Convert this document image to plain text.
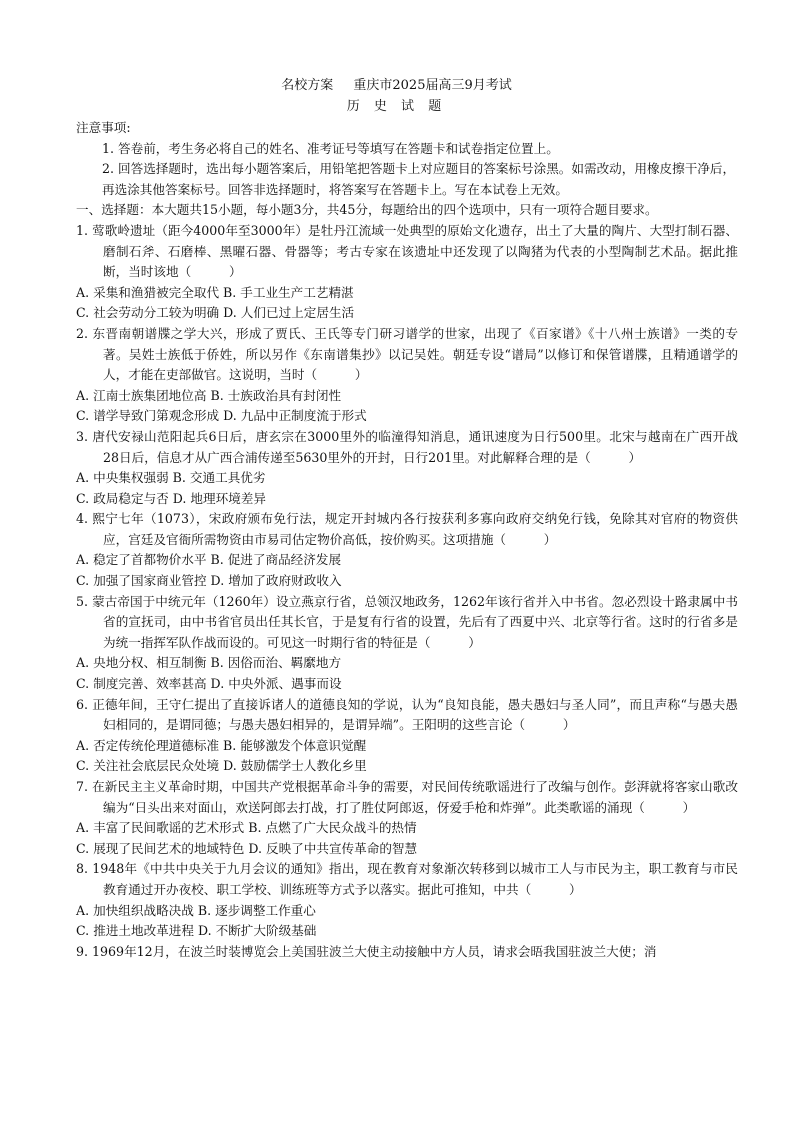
名校方案 重庆市2025届高三9月考试
历 史 试 题

注意事项:

1. 答卷前，考生务必将自己的姓名、准考证号等填写在答题卡和试卷指定位置上。

2. 回答选择题时，选出每小题答案后，用铅笔把答题卡上对应题目的答案标号涂黑。如需改动，用橡皮擦干净后，再选涂其他答案标号。回答非选择题时，将答案写在答题卡上。写在本试卷上无效。

一、选择题：本大题共15小题，每小题3分，共45分，每题给出的四个选项中，只有一项符合题目要求。

1. 莺歌岭遗址（距今4000年至3000年）是牡丹江流域一处典型的原始文化遗存，出土了大量的陶片、大型打制石器、磨制石斧、石磨棒、黑曜石器、骨器等；考古专家在该遗址中还发现了以陶猪为代表的小型陶制艺术品。据此推断，当时该地（　　　）

A. 采集和渔猎被完全取代 B. 手工业生产工艺精湛

C. 社会劳动分工较为明确 D. 人们已过上定居生活

2. 东晋南朝谱牒之学大兴，形成了贾氏、王氏等专门研习谱学的世家，出现了《百家谱》《十八州士族谱》一类的专著。吴姓士族低于侨姓，所以另作《东南谱集抄》以记吴姓。朝廷专设“谱局”以修订和保管谱牒，且精通谱学的人，才能在吏部做官。这说明，当时（　　　）

A. 江南士族集团地位高 B. 士族政治具有封闭性

C. 谱学导致门第观念形成 D. 九品中正制度流于形式

3. 唐代安禄山范阳起兵6日后，唐玄宗在3000里外的临潼得知消息，通讯速度为日行500里。北宋与越南在广西开战28日后，信息才从广西合浦传递至5630里外的开封，日行201里。对此解释合理的是（　　　）

A. 中央集权强弱 B. 交通工具优劣

C. 政局稳定与否 D. 地理环境差异

4. 熙宁七年（1073），宋政府颁布免行法，规定开封城内各行按获利多寡向政府交纳免行钱，免除其对官府的物资供应，宫廷及官衙所需物资由市易司估定物价高低，按价购买。这项措施（　　　）

A. 稳定了首都物价水平 B. 促进了商品经济发展

C. 加强了国家商业管控 D. 增加了政府财政收入

5. 蒙古帝国于中统元年（1260年）设立燕京行省，总领汉地政务，1262年该行省并入中书省。忽必烈设十路隶属中书省的宣抚司，由中书省官员出任其长官，于是复有行省的设置，先后有了西夏中兴、北京等行省。这时的行省多是为统一指挥军队作战而设的。可见这一时期行省的特征是（　　　）

A. 央地分权、相互制衡 B. 因俗而治、羁縻地方

C. 制度完善、效率甚高 D. 中央外派、遇事而设

6. 正德年间，王守仁提出了直接诉诸人的道德良知的学说，认为“良知良能，愚夫愚妇与圣人同”，而且声称“与愚夫愚妇相同的，是谓同德；与愚夫愚妇相异的，是谓异端”。王阳明的这些言论（　　　）

A. 否定传统伦理道德标准 B. 能够激发个体意识觉醒

C. 关注社会底层民众处境 D. 鼓励儒学士人教化乡里

7. 在新民主主义革命时期，中国共产党根据革命斗争的需要，对民间传统歌谣进行了改编与创作。彭湃就将客家山歌改编为“日头出来对面山，欢送阿郎去打战，打了胜仗阿郎返，伢爱手枪和炸弹”。此类歌谣的涌现（　　　）

A. 丰富了民间歌谣的艺术形式 B. 点燃了广大民众战斗的热情

C. 展现了民间艺术的地域特色 D. 反映了中共宣传革命的智慧

8. 1948年《中共中央关于九月会议的通知》指出，现在教育对象渐次转移到以城市工人与市民为主，职工教育与市民教育通过开办夜校、职工学校、训练班等方式予以落实。据此可推知，中共（　　　）

A. 加快组织战略决战 B. 逐步调整工作重心

C. 推进土地改革进程 D. 不断扩大阶级基础

9. 1969年12月，在波兰时装博览会上美国驻波兰大使主动接触中方人员，请求会晤我国驻波兰大使；消
